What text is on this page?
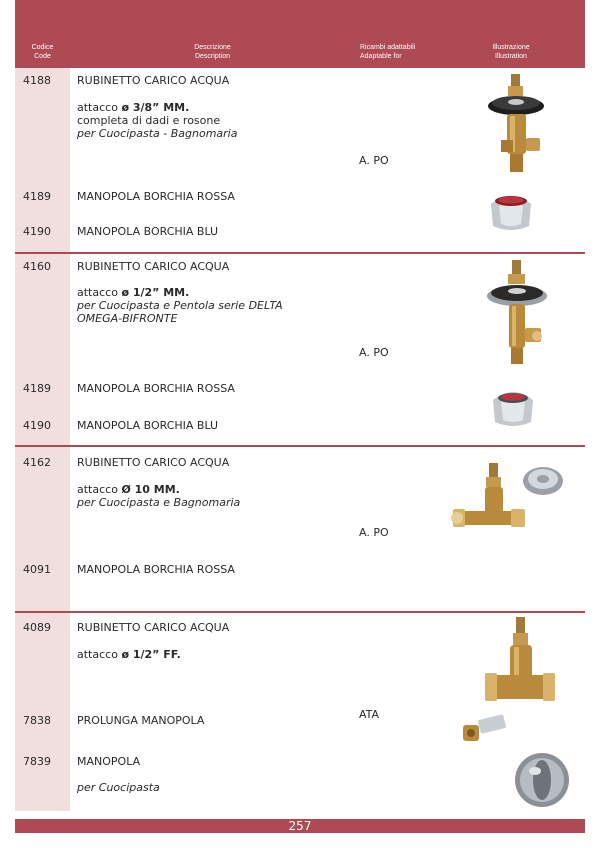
Codice
Code
Descrizione
Description
Ricambi adattabili
Adaptable for
Illustrazione
Illustration
4188 RUBINETTO CARICO ACQUA
attacco ø 3/8” MM.
completa di dadi e rosone
per Cuocipasta - Bagnomaria
A. PO
4189 MANOPOLA BORCHIA ROSSA
4190 MANOPOLA BORCHIA BLU
4160 RUBINETTO CARICO ACQUA
attacco ø 1/2” MM.
per Cuocipasta e Pentola serie DELTA
OMEGA-BIFRONTE
A. PO
4189 MANOPOLA BORCHIA ROSSA
4190 MANOPOLA BORCHIA BLU
4162 RUBINETTO CARICO ACQUA
attacco Ø 10 MM.
per Cuocipasta e Bagnomaria
A. PO
4091 MANOPOLA BORCHIA ROSSA
4089 RUBINETTO CARICO ACQUA
attacco ø 1/2” FF.
ATA
7838 PROLUNGA MANOPOLA
7839 MANOPOLA
per Cuocipasta
257
